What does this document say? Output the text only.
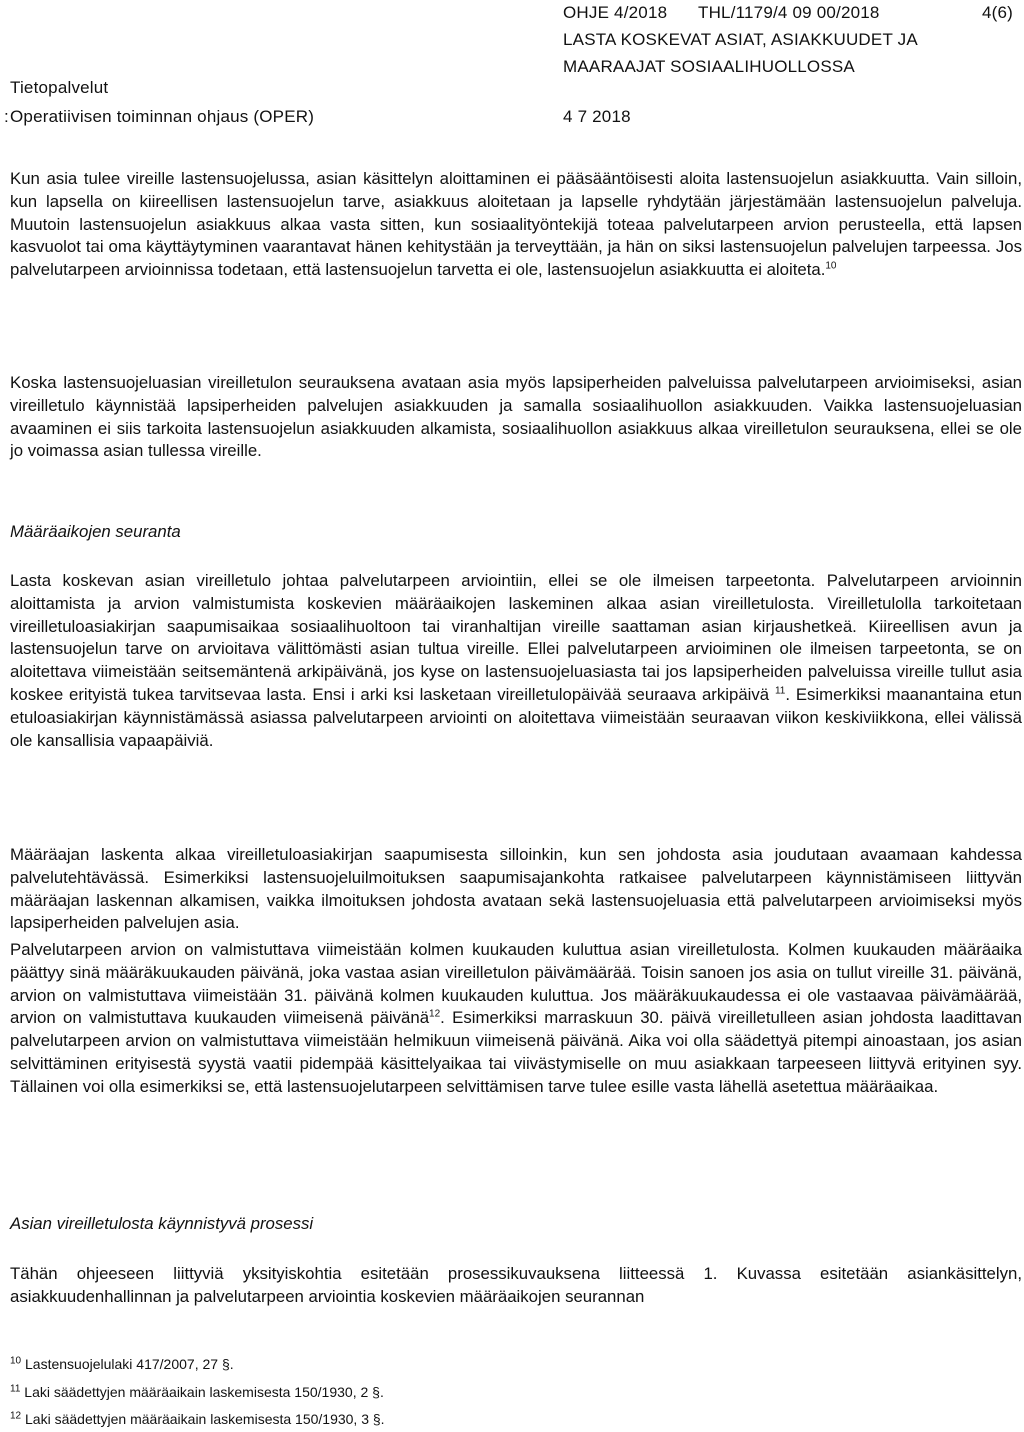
OHJE 4/2018 THL/1179/4 09 00/2018	4(6)
LASTA KOSKEVAT ASIAT, ASIAKKUUDET JA
MAARAAJAT SOSIAALIHUOLLOSSA
Tietopalvelut
: Operatiivisen toiminnan ohjaus (OPER)	4 7 2018

Kun asia tulee vireille lastensuojelussa, asian käsittelyn aloittaminen ei pääsääntöisesti aloita lastensuojelun asiakkuutta. Vain silloin, kun lapsella on kiireellisen lastensuojelun tarve, asiakkuus aloitetaan ja lapselle ryhdytään järjestämään lastensuojelun palveluja. Muutoin lastensuojelun asiakkuus alkaa vasta sitten, kun sosiaalityöntekijä toteaa palvelutarpeen arvion perusteella, että lapsen kasvuolot tai oma käyttäytyminen vaarantavat hänen kehitystään ja terveyttään, ja hän on siksi lastensuojelun palvelujen tarpeessa. Jos palvelutarpeen arvioinnissa todetaan, että lastensuojelun tarvetta ei ole, lastensuojelun asiakkuutta ei aloiteta.$^{10}$

Koska lastensuojeluasian vireilletulon seurauksena avataan asia myös lapsiperheiden palveluissa palvelutarpeen arvioimiseksi, asian vireilletulo käynnistää lapsiperheiden palvelujen asiakkuuden ja samalla sosiaalihuollon asiakkuuden. Vaikka lastensuojeluasian avaaminen ei siis tarkoita lastensuojelun asiakkuuden alkamista, sosiaalihuollon asiakkuus alkaa vireilletulon seurauksena, ellei se ole jo voimassa asian tullessa vireille.

Määräaikojen seuranta

Lasta koskevan asian vireilletulo johtaa palvelutarpeen arviointiin, ellei se ole ilmeisen tarpeetonta. Palvelutarpeen arvioinnin aloittamista ja arvion valmistumista koskevien määräaikojen laskeminen alkaa asian vireilletulosta. Vireilletulolla tarkoitetaan vireilletuloasiakirjan saapumisaikaa sosiaalihuoltoon tai viranhaltijan vireille saattaman asian kirjaushetkeä. Kiireellisen avun ja lastensuojelun tarve on arvioitava välittömästi asian tultua vireille. Ellei palvelutarpeen arvioiminen ole ilmeisen tarpeetonta, se on aloitettava viimeistään seitsemäntenä arkipäivänä, jos kyse on lastensuojeluasiasta tai jos lapsiperheiden palveluissa vireille tullut asia koskee erityistä tukea tarvitsevaa lasta. Ensi i arki ksi lasketaan vireilletulopäivää seuraava arkipäivä $^{11}$. Esimerkiksi maanantaina etun etuloasiakirjan käynnistämässä asiassa palvelutarpeen arviointi on aloitettava viimeistään seuraavan viikon keskiviikkona, ellei välissä ole kansallisia vapaapäiviä.

Määräajan laskenta alkaa vireilletuloasiakirjan saapumisesta silloinkin, kun sen johdosta asia joudutaan avaamaan kahdessa palvelutehtävässä. Esimerkiksi lastensuojeluilmoituksen saapumisajankohta ratkaisee palvelutarpeen käynnistämiseen liittyvän määräajan laskennan alkamisen, vaikka ilmoituksen johdosta avataan sekä lastensuojeluasia että palvelutarpeen arvioimiseksi myös lapsiperheiden palvelujen asia.

Palvelutarpeen arvion on valmistuttava viimeistään kolmen kuukauden kuluttua asian vireilletulosta. Kolmen kuukauden määräaika päättyy sinä määräkuukauden päivänä, joka vastaa asian vireilletulon päivämäärää. Toisin sanoen jos asia on tullut vireille 31. päivänä, arvion on valmistuttava viimeistään 31. päivänä kolmen kuukauden kuluttua. Jos määräkuukaudessa ei ole vastaavaa päivämäärää, arvion on valmistuttava kuukauden viimeisenä päivänä$^{12}$. Esimerkiksi marraskuun 30. päivä vireilletulleen asian johdosta laadittavan palvelutarpeen arvion on valmistuttava viimeistään helmikuun viimeisenä päivänä. Aika voi olla säädettyä pitempi ainoastaan, jos asian selvittäminen erityisestä syystä vaatii pidempää käsittelyaikaa tai viivästymiselle on muu asiakkaan tarpeeseen liittyvä erityinen syy. Tällainen voi olla esimerkiksi se, että lastensuojelutarpeen selvittämisen tarve tulee esille vasta lähellä asetettua määräaikaa.

Asian vireilletulosta käynnistyvä prosessi

Tähän ohjeeseen liittyviä yksityiskohtia esitetään prosessikuvauksena liitteessä 1. Kuvassa esitetään asiankäsittelyn, asiakkuudenhallinnan ja palvelutarpeen arviointia koskevien määräaikojen seurannan

$^{10}$ Lastensuojelulaki 417/2007, 27 §.
$^{11}$ Laki säädettyjen määräaikain laskemisesta 150/1930, 2 §.
$^{12}$ Laki säädettyjen määräaikain laskemisesta 150/1930, 3 §.
